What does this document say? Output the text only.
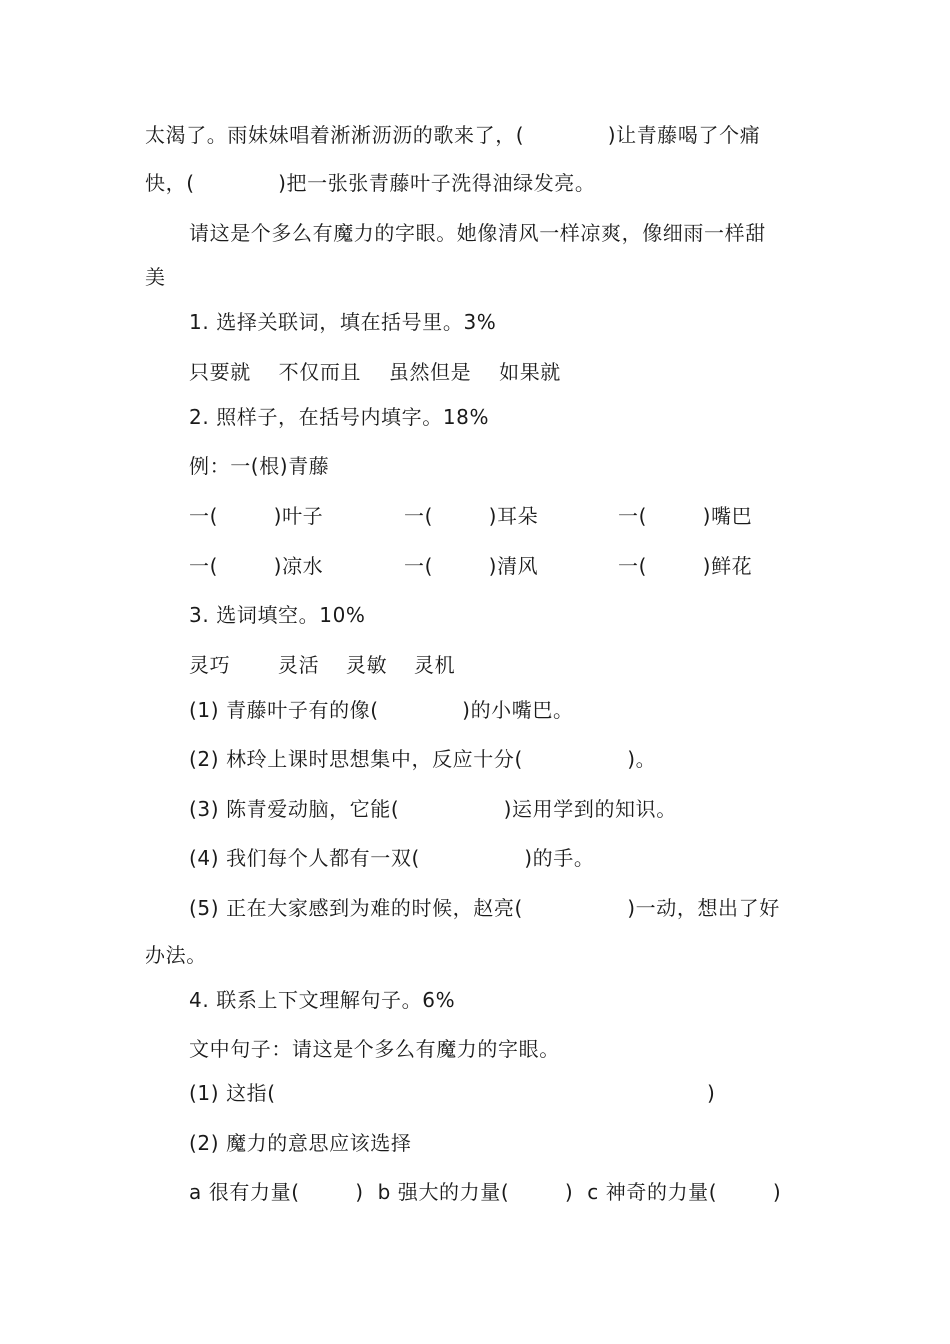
太渴了。雨妹妹唱着淅淅沥沥的歌来了，(            )让青藤喝了个痛
快，(            )把一张张青藤叶子洗得油绿发亮。
请这是个多么有魔力的字眼。她像清风一样凉爽，像细雨一样甜
美
1. 选择关联词，填在括号里。3%
只要就    不仅而且    虽然但是    如果就
2. 照样子，在括号内填字。18%
例：一(根)青藤
一(        )叶子	一(        )耳朵	一(        )嘴巴
一(        )凉水	一(        )清风	一(        )鲜花
3. 选词填空。10%
灵巧 灵活 灵敏 灵机
(1) 青藤叶子有的像(            )的小嘴巴。
(2) 林玲上课时思想集中，反应十分(               )。
(3) 陈青爱动脑，它能(               )运用学到的知识。
(4) 我们每个人都有一双(               )的手。
(5) 正在大家感到为难的时候，赵亮(               )一动，想出了好
办法。
4. 联系上下文理解句子。6%
文中句子：请这是个多么有魔力的字眼。
(1) 这指(                                                              )
(2) 魔力的意思应该选择
a 很有力量(        )  b 强大的力量(        )  c 神奇的力量(        )
